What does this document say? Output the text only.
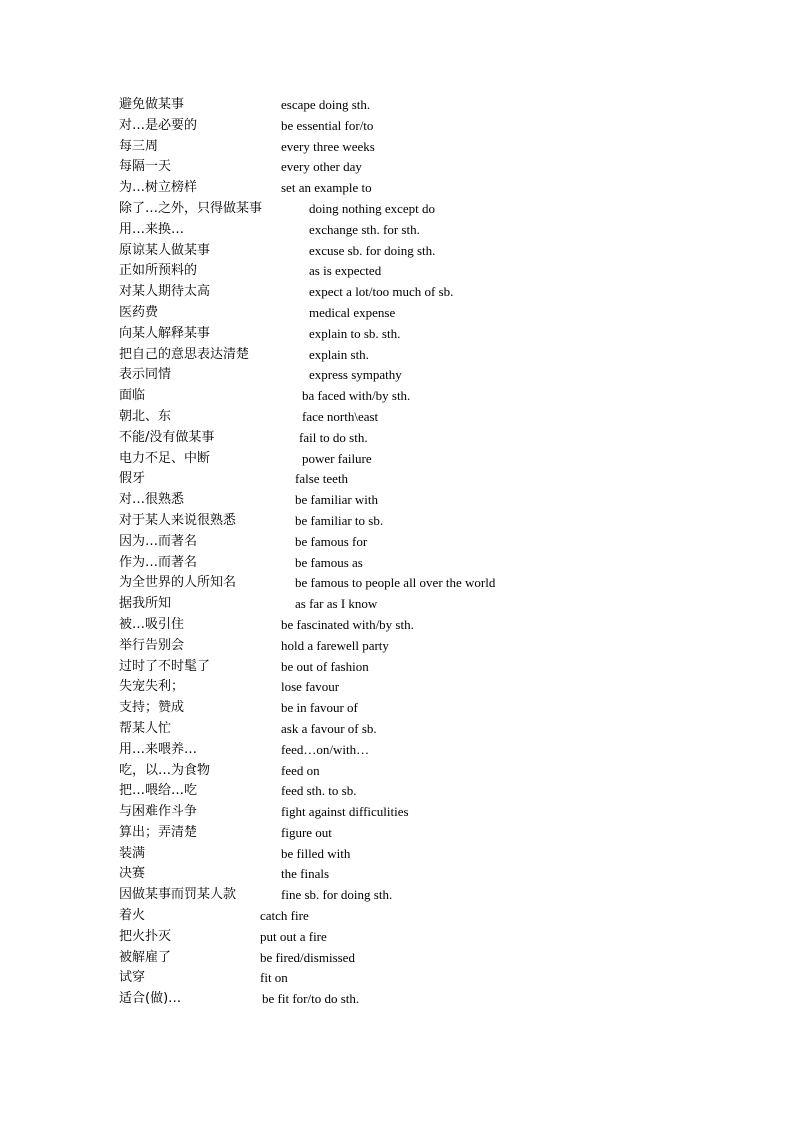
避免做某事	escape doing sth.
对…是必要的	be essential for/to
每三周	every three weeks
每隔一天	every other day
为…树立榜样	set an example to
除了…之外，只得做某事	doing nothing except do
用…来换…	exchange sth. for sth.
原谅某人做某事	excuse sb. for doing sth.
正如所预料的	as is expected
对某人期待太高	expect a lot/too much of sb.
医药费	medical expense
向某人解释某事	explain to sb. sth.
把自己的意思表达清楚	explain sth.
表示同情	express sympathy
面临	ba faced with/by sth.
朝北、东	face north\east
不能/没有做某事	fail to do sth.
电力不足、中断	power failure
假牙	false teeth
对…很熟悉	be familiar with
对于某人来说很熟悉	be familiar to sb.
因为…而著名	be famous for
作为…而著名	be famous as
为全世界的人所知名	be famous to people all over the world
据我所知	as far as I know
被…吸引住	be fascinated with/by sth.
举行告别会	hold a farewell party
过时了不时髦了	be out of fashion
失宠失利；	lose favour
支持；赞成	be in favour of
帮某人忙	ask a favour of sb.
用…来喂养…	feed…on/with…
吃，以…为食物	feed on
把…喂给…吃	feed sth. to sb.
与困难作斗争	fight against difficulities
算出；弄清楚	figure out
装满	be filled with
决赛	the finals
因做某事而罚某人款	fine sb. for doing sth.
着火	catch fire
把火扑灭	put out a fire
被解雇了	be fired/dismissed
试穿	fit on
适合(做)…	be fit for/to do sth.
